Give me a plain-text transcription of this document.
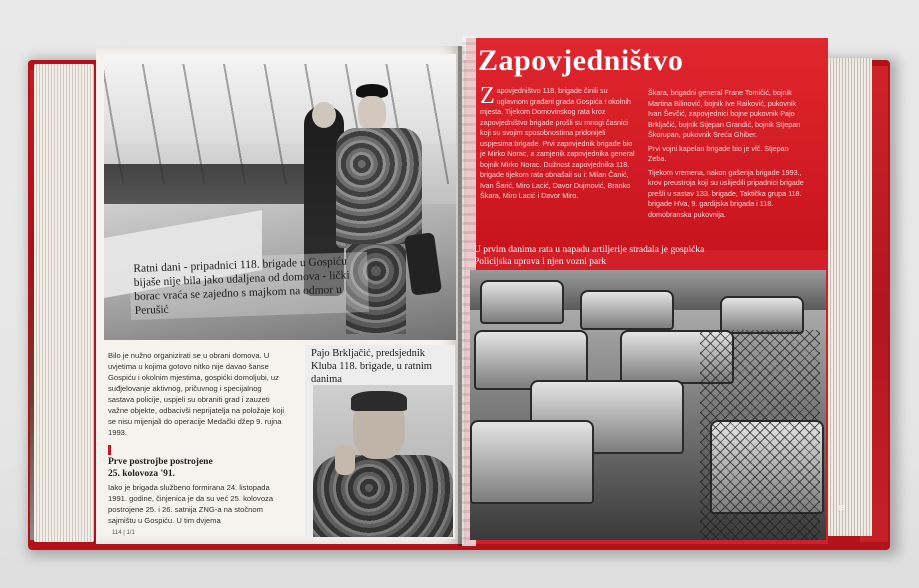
Ratni dani - pripadnici 118. brigade u Gospiću bijaše nije bila jako udaljena od domova - lički borac vraća se zajedno s majkom na odmor u Perušić

Bilo je nužno organizirati se u obrani domova. U uvjetima u kojima gotovo nitko nije davao šanse Gospiću i okolnim mjestima, gospićki domoljubi, uz suđjelovanje aktivnog, pričuvnog i specijalnog sastava policije, uspjeli su obraniti grad i zauzeti važne objekte, odbacivši neprijatelja na položaje koji se nisu mijenjali do operacije Medački džep 9. rujna 1993.

Prve postrojbe postrojene
25. kolovoza '91.

Iako je brigada službeno formirana 24. listopada 1991. godine, činjenica je da su već 25. kolovoza postrojene 25. i 26. satnija ZNG-a na stočnom sajmištu u Gospiću. U tim dvjema

114 | 1/1
Pajo Brkljačić, predsjednik Kluba 118. brigade, u ratnim danima
Zapovjedništvo

Zapovjedništvo 118. brigade činili su uglavnom građani grada Gospića i okolnih mjesta. Tijekom Domovinskog rata kroz zapovjedništvo brigade prošli su mnogi časnici koji su svojim sposobnostima pridonijeli uspjesima brigade. Prvi zapovjednik brigade bio je Mirko Norac, a zamjenik zapovjednika general bojnik Mirko Norac. Dužnost zapovjednika 118. brigade tijekom rata obnašali su i: Milan Čanić, Ivan Šarić, Miro Lacić, Davor Dujmović, Branko Škara, Miro Lacić i Davor Miro.

Škara, brigadni general Frane Tomičić, bojnik Martina Bilinović, bojnik Ive Raiković, pukovnik Ivan Ševčić, zapovjednici bojne pukovnik Pajo Brkljačić, bojnik Stjepan Grandić, bojnik Stjepan Škorupan, pukovnik Sreća Ghiber.

Prvi vojni kapelan brigade bio je vlč. Stjepan Zeba.

Tijekom vremena, nakon gašenja brigade 1993., krov preustroja koji su uslijedili pripadnici brigade prešli u sastav 133. brigade, Taktička grupa 118. brigade HVa, 9. gardijska brigada i 118. domobranska pukovnija.

U prvim danima rata u napadu artiljerije stradala je gospićka
Policijska uprava i njen vozni park
15
